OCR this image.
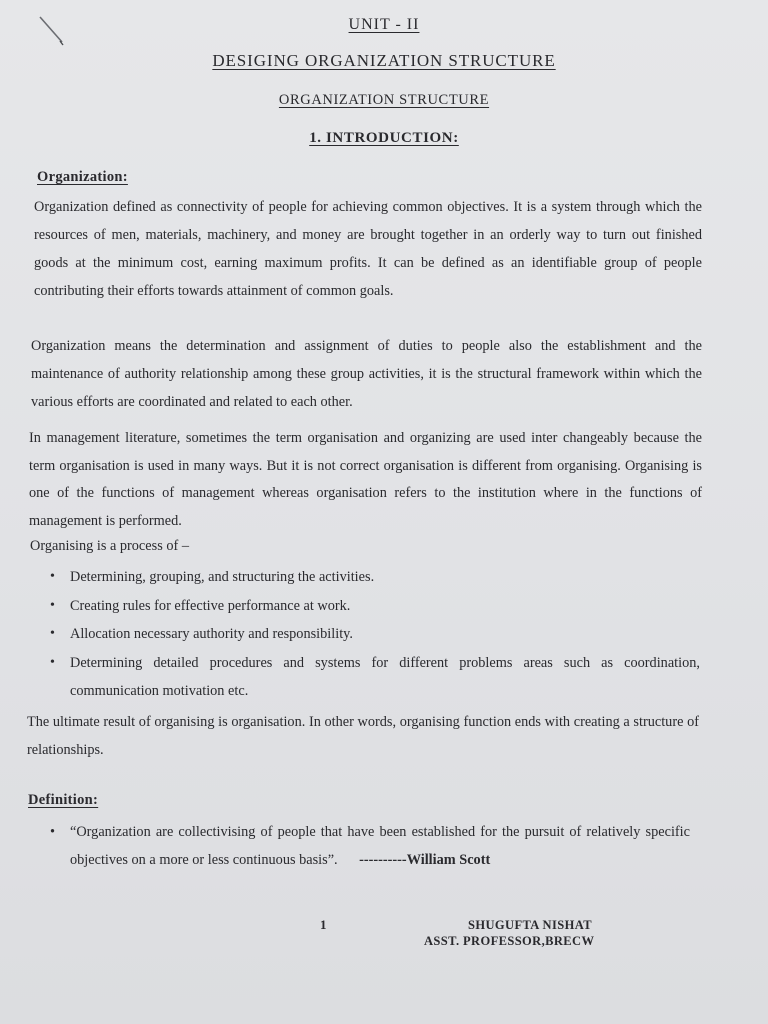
UNIT - II
DESIGING ORGANIZATION STRUCTURE
ORGANIZATION STRUCTURE
1. INTRODUCTION:
Organization:
Organization defined as connectivity of people for achieving common objectives. It is a system through which the resources of men, materials, machinery, and money are brought together in an orderly way to turn out finished goods at the minimum cost, earning maximum profits. It can be defined as an identifiable group of people contributing their efforts towards attainment of common goals.
Organization means the determination and assignment of duties to people also the establishment and the maintenance of authority relationship among these group activities, it is the structural framework within which the various efforts are coordinated and related to each other.
In management literature, sometimes the term organisation and organizing are used inter changeably because the term organisation is used in many ways. But it is not correct organisation is different from organising. Organising is one of the functions of management whereas organisation refers to the institution where in the functions of management is performed.
Organising is a process of –
• Determining, grouping, and structuring the activities.
• Creating rules for effective performance at work.
• Allocation necessary authority and responsibility.
• Determining detailed procedures and systems for different problems areas such as coordination, communication motivation etc.
The ultimate result of organising is organisation. In other words, organising function ends with creating a structure of relationships.
Definition:
• “Organization are collectivising of people that have been established for the pursuit of relatively specific objectives on a more or less continuous basis”. ----------William Scott
1	SHUGUFTA NISHAT
ASST. PROFESSOR,BRECW
